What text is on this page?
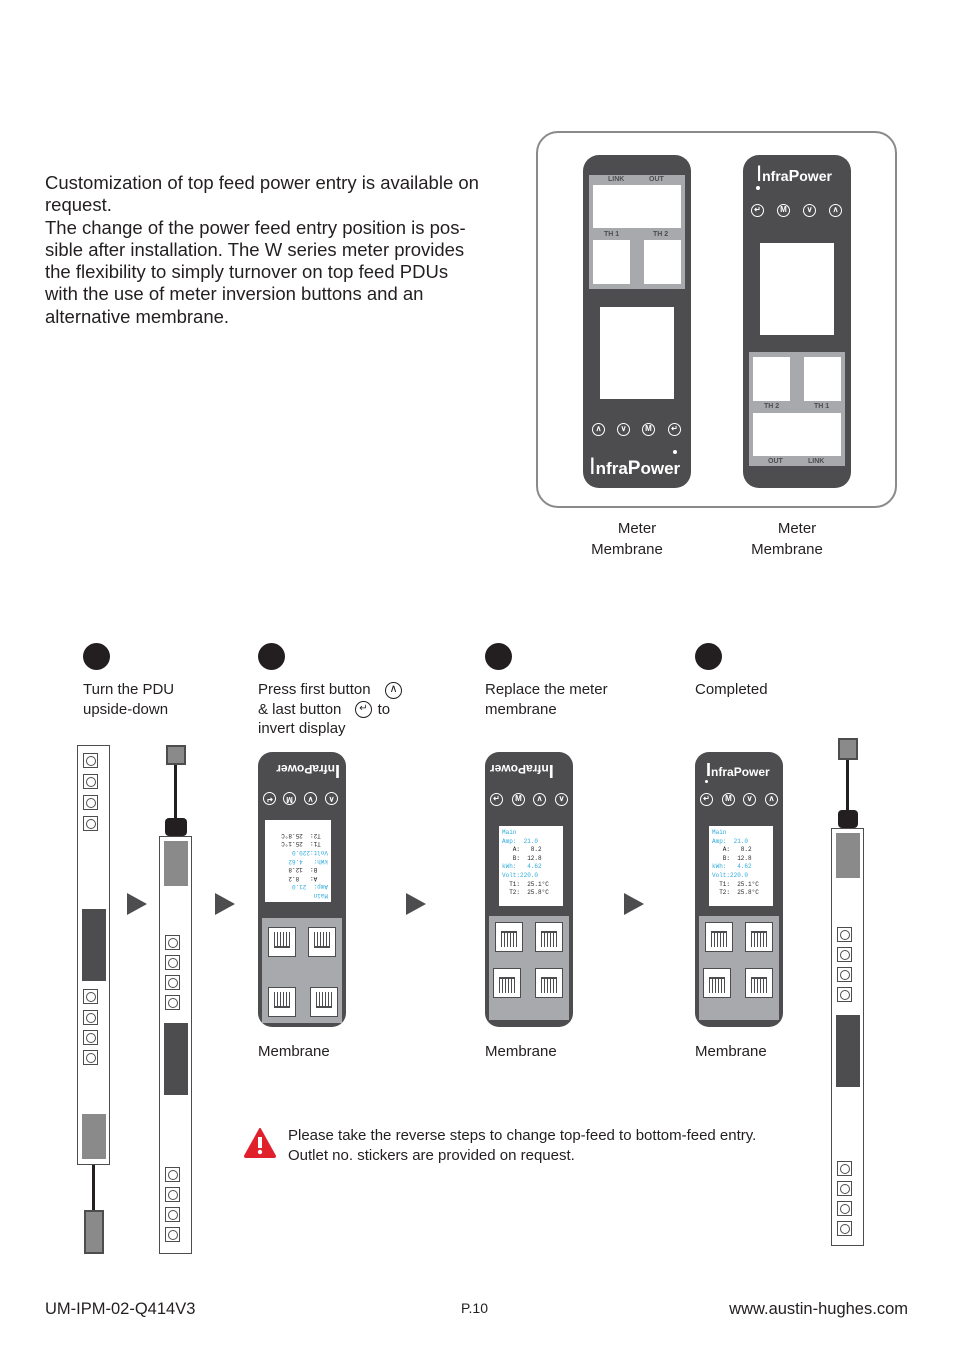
Customization of top feed power entry is available on request.

The change of the power feed entry position is pos-
sible after installation. The W series meter provides
the flexibility to simply turnover on top feed PDUs
with the use of meter inversion buttons and an
alternative membrane.

LINK	OUT
TH 1	TH 2
∧	∨	M	↵
InfraPower
InfraPower
↵	M	∨	∧
TH 2	TH 1
OUT	LINK
Meter
Membrane
Meter
Membrane
Turn the PDU
upside-down
Press first button	∧
& last button	↵ to
invert display
Replace the meter
membrane
Completed
Main
Amp:  21.0
A:   8.2
B:  12.8
kWh:   4.62
Volt:220.0
T1:  25.1°C
T2:  25.8°C
∧
∨
M
↵
InfraPower	InfraPower
↵	M	∧	∨
Main
Amp:  21.0
A:   8.2
B:  12.8
kWh:   4.62
Volt:220.0
T1:  25.1°C
T2:  25.8°C
InfraPower
↵	M	∨	∧
Main
Amp:  21.0
A:   8.2
B:  12.8
kWh:   4.62
Volt:220.0
T1:  25.1°C
T2:  25.8°C
Membrane	Membrane	Membrane
Please take the reverse steps to change top-feed to bottom-feed entry.
Outlet no. stickers are provided on request.
UM-IPM-02-Q414V3	P.10	www.austin-hughes.com
